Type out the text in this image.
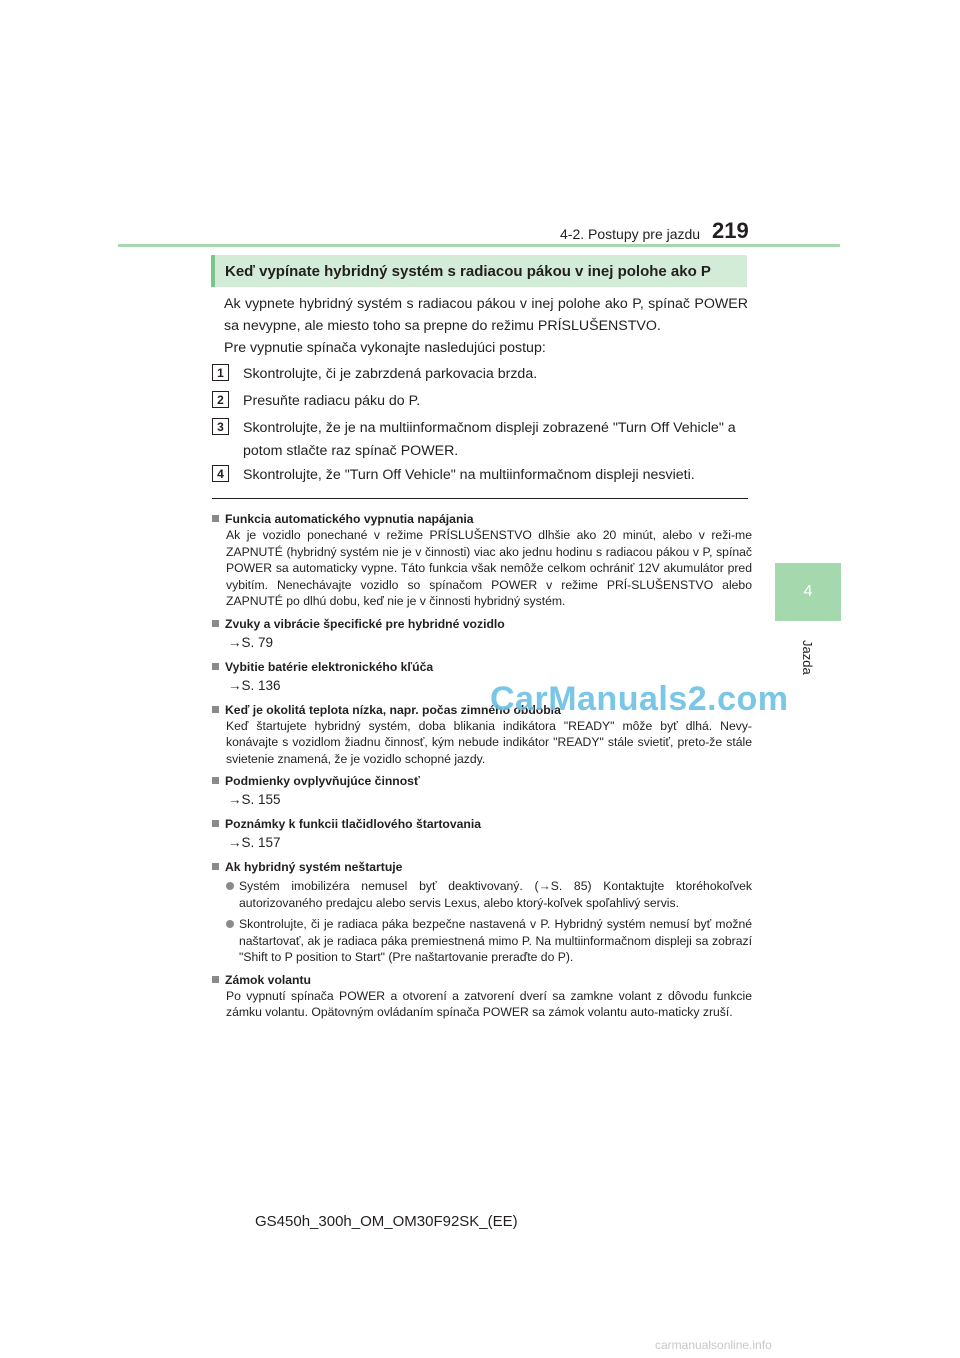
4-2. Postupy pre jazdu 219
4
Jazda
Keď vypínate hybridný systém s radiacou pákou v inej polohe ako P

Ak vypnete hybridný systém s radiacou pákou v inej polohe ako P, spínač POWER sa nevypne, ale miesto toho sa prepne do režimu PRÍSLUŠENSTVO.

Pre vypnutie spínača vykonajte nasledujúci postup:

1	Skontrolujte, či je zabrzdená parkovacia brzda.
2	Presuňte radiacu páku do P.
3	Skontrolujte, že je na multiinformačnom displeji zobrazené "Turn Off Vehicle" a potom stlačte raz spínač POWER.
4	Skontrolujte, že "Turn Off Vehicle" na multiinformačnom displeji nesvieti.
Funkcia automatického vypnutia napájania
Ak je vozidlo ponechané v režime PRÍSLUŠENSTVO dlhšie ako 20 minút, alebo v reži-me ZAPNUTÉ (hybridný systém nie je v činnosti) viac ako jednu hodinu s radiacou pákou v P, spínač POWER sa automaticky vypne. Táto funkcia však nemôže celkom ochrániť 12V akumulátor pred vybitím. Nenechávajte vozidlo so spínačom POWER v režime PRÍ-SLUŠENSTVO alebo ZAPNUTÉ po dlhú dobu, keď nie je v činnosti hybridný systém.
Zvuky a vibrácie špecifické pre hybridné vozidlo
→S. 79
Vybitie batérie elektronického kľúča
→S. 136
Keď je okolitá teplota nízka, napr. počas zimného obdobia
Keď štartujete hybridný systém, doba blikania indikátora "READY" môže byť dlhá. Nevy-konávajte s vozidlom žiadnu činnosť, kým nebude indikátor "READY" stále svietiť, preto-že stále svietenie znamená, že je vozidlo schopné jazdy.
Podmienky ovplyvňujúce činnosť
→S. 155
Poznámky k funkcii tlačidlového štartovania
→S. 157
Ak hybridný systém neštartuje
Systém imobilizéra nemusel byť deaktivovaný. (→S. 85) Kontaktujte ktoréhokoľvek autorizovaného predajcu alebo servis Lexus, alebo ktorý-koľvek spoľahlivý servis.
Skontrolujte, či je radiaca páka bezpečne nastavená v P. Hybridný systém nemusí byť možné naštartovať, ak je radiaca páka premiestnená mimo P. Na multiinformačnom displeji sa zobrazí "Shift to P position to Start" (Pre naštartovanie preraďte do P).
Zámok volantu
Po vypnutí spínača POWER a otvorení a zatvorení dverí sa zamkne volant z dôvodu funkcie zámku volantu. Opätovným ovládaním spínača POWER sa zámok volantu auto-maticky zruší.
CarManuals2.com
GS450h_300h_OM_OM30F92SK_(EE)
carmanualsonline.info
